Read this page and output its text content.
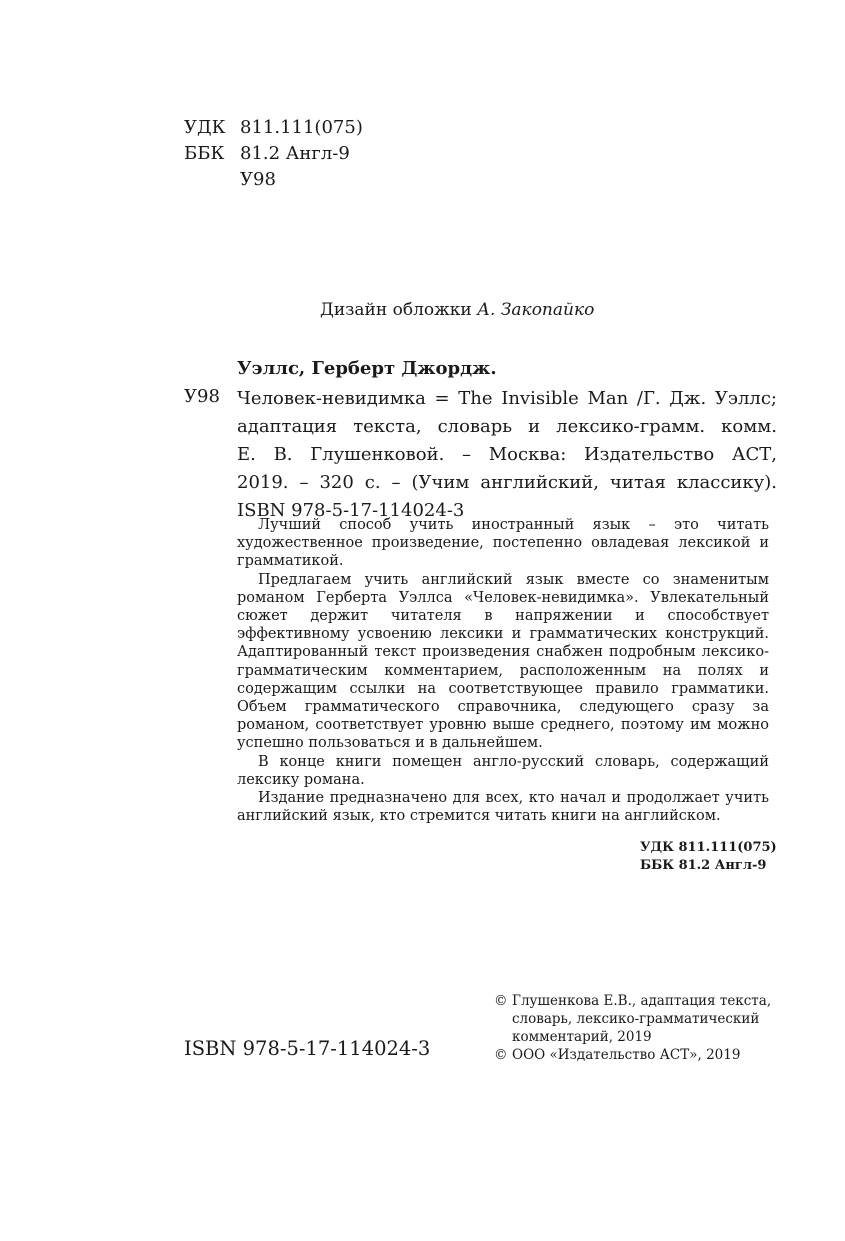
УДК 811.111(075)
ББК 81.2 Англ-9
У98
Дизайн обложки А. Закопайко
Уэллс, Герберт Джордж.
У98 Человек-невидимка = The Invisible Man /Г. Дж. Уэллс;
адаптация текста, словарь и лексико-грамм. комм.
Е. В. Глушенковой. – Москва: Издательство АСТ,
2019. – 320 с. – (Учим английский, читая классику).
ISBN 978-5-17-114024-3

Лучший способ учить иностранный язык – это читать художественное произведение, постепенно овладевая лексикой и грамматикой.

Предлагаем учить английский язык вместе со знаменитым романом Герберта Уэллса «Человек-невидимка». Увлекательный сюжет держит читателя в напряжении и способствует эффективному усвоению лексики и грамматических конструкций. Адаптированный текст произведения снабжен подробным лексико-грамматическим комментарием, расположенным на полях и содержащим ссылки на соответствующее правило грамматики. Объем грамматического справочника, следующего сразу за романом, соответствует уровню выше среднего, поэтому им можно успешно пользоваться и в дальнейшем.

В конце книги помещен англо-русский словарь, содержащий лексику романа.

Издание предназначено для всех, кто начал и продолжает учить английский язык, кто стремится читать книги на английском.

УДК 811.111(075)
ББК 81.2 Англ-9
© Глушенкова Е.В., адаптация текста,
словарь, лексико-грамматический
комментарий, 2019
© ООО «Издательство АСТ», 2019
ISBN 978-5-17-114024-3
